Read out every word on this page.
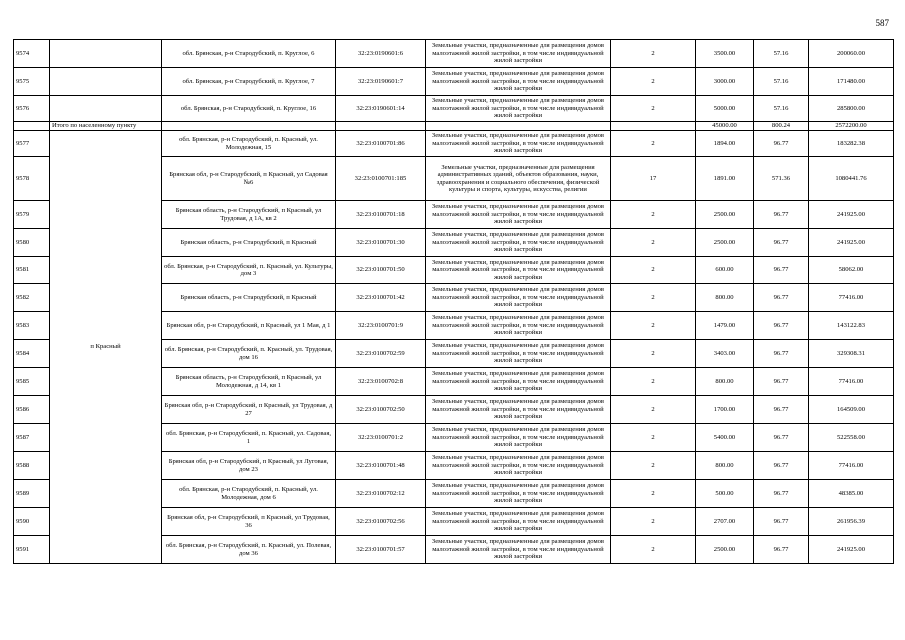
587
9574		обл. Брянская, р-н Стародубский, п. Круглое, 6	32:23:0190601:6	Земельные участки, предназначенные для размещения домов малоэтажной жилой застройки, в том числе индивидуальной жилой застройки	2	3500.00	57.16	200060.00
9575		обл. Брянская, р-н Стародубский, п. Круглое, 7	32:23:0190601:7	Земельные участки, предназначенные для размещения домов малоэтажной жилой застройки, в том числе индивидуальной жилой застройки	2	3000.00	57.16	171480.00
9576		обл. Брянская, р-н Стародубский, п. Круглое, 16	32:23:0190601:14	Земельные участки, предназначенные для размещения домов малоэтажной жилой застройки, в том числе индивидуальной жилой застройки	2	5000.00	57.16	285800.00
	Итого по населенному пункту					45000.00	800.24	2572200.00
9577	п Красный	обл. Брянская, р-н Стародубский, п. Красный, ул. Молодежная, 15	32:23:0100701:86	Земельные участки, предназначенные для размещения домов малоэтажной жилой застройки, в том числе индивидуальной жилой застройки	2	1894.00	96.77	183282.38
9578		Брянская обл, р-н Стародубский, п Красный, ул Садовая №6	32:23:0100701:185	Земельные участки, предназначенные для размещения административных зданий, объектов образования, науки, здравоохранения и социального обеспечения, физической культуры и спорта, культуры, искусства, религии	17	1891.00	571.36	1080441.76
9579		Брянская область, р-н Стародубский, п Красный, ул Трудовая, д 1А, кв 2	32:23:0100701:18	Земельные участки, предназначенные для размещения домов малоэтажной жилой застройки, в том числе индивидуальной жилой застройки	2	2500.00	96.77	241925.00
9580		Брянская область, р-н Стародубский, п Красный	32:23:0100701:30	Земельные участки, предназначенные для размещения домов малоэтажной жилой застройки, в том числе индивидуальной жилой застройки	2	2500.00	96.77	241925.00
9581		обл. Брянская, р-н Стародубский, п. Красный, ул. Культуры, дом 3	32:23:0100701:50	Земельные участки, предназначенные для размещения домов малоэтажной жилой застройки, в том числе индивидуальной жилой застройки	2	600.00	96.77	58062.00
9582		Брянская область, р-н Стародубский, п Красный	32:23:0100701:42	Земельные участки, предназначенные для размещения домов малоэтажной жилой застройки, в том числе индивидуальной жилой застройки	2	800.00	96.77	77416.00
9583		Брянская обл, р-н Стародубский, п Красный, ул 1 Мая, д 1	32:23:0100701:9	Земельные участки, предназначенные для размещения домов малоэтажной жилой застройки, в том числе индивидуальной жилой застройки	2	1479.00	96.77	143122.83
9584		обл. Брянская, р-н Стародубский, п. Красный, ул. Трудовая, дом 16	32:23:0100702:59	Земельные участки, предназначенные для размещения домов малоэтажной жилой застройки, в том числе индивидуальной жилой застройки	2	3403.00	96.77	329308.31
9585		Брянская область, р-н Стародубский, п Красный, ул Молодежная, д 14, кв 1	32:23:0100702:8	Земельные участки, предназначенные для размещения домов малоэтажной жилой застройки, в том числе индивидуальной жилой застройки	2	800.00	96.77	77416.00
9586		Брянская обл, р-н Стародубский, п Красный, ул Трудовая, д 27	32:23:0100702:50	Земельные участки, предназначенные для размещения домов малоэтажной жилой застройки, в том числе индивидуальной жилой застройки	2	1700.00	96.77	164509.00
9587		обл. Брянская, р-н Стародубский, п. Красный, ул. Садовая, 1	32:23:0100701:2	Земельные участки, предназначенные для размещения домов малоэтажной жилой застройки, в том числе индивидуальной жилой застройки	2	5400.00	96.77	522558.00
9588		Брянская обл, р-н Стародубский, п Красный, ул Луговая, дом 23	32:23:0100701:48	Земельные участки, предназначенные для размещения домов малоэтажной жилой застройки, в том числе индивидуальной жилой застройки	2	800.00	96.77	77416.00
9589		обл. Брянская, р-н Стародубский, п. Красный, ул. Молодежная, дом 6	32:23:0100702:12	Земельные участки, предназначенные для размещения домов малоэтажной жилой застройки, в том числе индивидуальной жилой застройки	2	500.00	96.77	48385.00
9590		Брянская обл, р-н Стародубский, п Красный, ул Трудовая, 36	32:23:0100702:56	Земельные участки, предназначенные для размещения домов малоэтажной жилой застройки, в том числе индивидуальной жилой застройки	2	2707.00	96.77	261956.39
9591		обл. Брянская, р-н Стародубский, п. Красный, ул. Полевая, дом 36	32:23:0100701:57	Земельные участки, предназначенные для размещения домов малоэтажной жилой застройки, в том числе индивидуальной жилой застройки	2	2500.00	96.77	241925.00
